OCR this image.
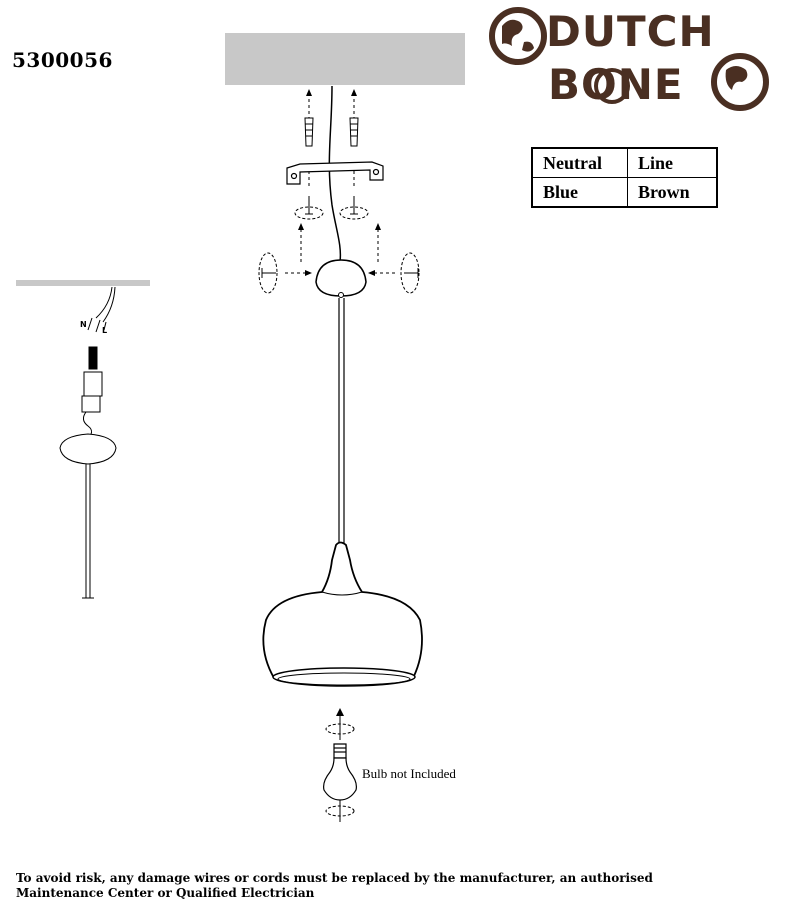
5300056
DUTCH
BONE
Neutral	Line
Blue	Brown
N
L
Bulb not Included
To avoid risk, any damage wires or cords must be replaced by the manufacturer, an authorised Maintenance Center or Qualified Electrician
